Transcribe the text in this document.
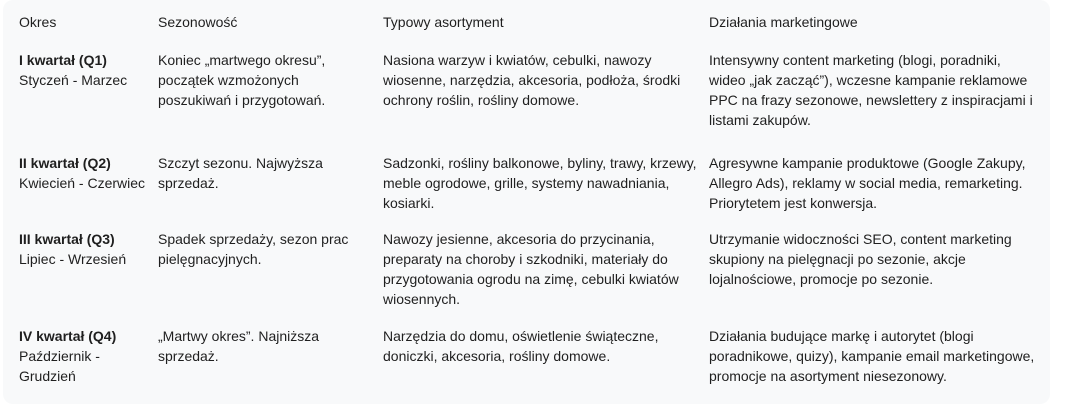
Okres	Sezonowość	Typowy asortyment	Działania marketingowe

I kwartał (Q1)
Styczeń - Marzec	Koniec „martwego okresu”, początek wzmożonych poszukiwań i przygotowań.	Nasiona warzyw i kwiatów, cebulki, nawozy wiosenne, narzędzia, akcesoria, podłoża, środki ochrony roślin, rośliny domowe.	Intensywny content marketing (blogi, poradniki, wideo „jak zacząć”), wczesne kampanie reklamowe PPC na frazy sezonowe, newslettery z inspiracjami i listami zakupów.

II kwartał (Q2)
Kwiecień - Czerwiec	Szczyt sezonu. Najwyższa sprzedaż.	Sadzonki, rośliny balkonowe, byliny, trawy, krzewy, meble ogrodowe, grille, systemy nawadniania, kosiarki.	Agresywne kampanie produktowe (Google Zakupy, Allegro Ads), reklamy w social media, remarketing. Priorytetem jest konwersja.

III kwartał (Q3)
Lipiec - Wrzesień	Spadek sprzedaży, sezon prac pielęgnacyjnych.	Nawozy jesienne, akcesoria do przycinania, preparaty na choroby i szkodniki, materiały do przygotowania ogrodu na zimę, cebulki kwiatów wiosennych.	Utrzymanie widoczności SEO, content marketing skupiony na pielęgnacji po sezonie, akcje lojalnościowe, promocje po sezonie.

IV kwartał (Q4)
Październik - Grudzień	„Martwy okres”. Najniższa sprzedaż.	Narzędzia do domu, oświetlenie świąteczne, doniczki, akcesoria, rośliny domowe.	Działania budujące markę i autorytet (blogi poradnikowe, quizy), kampanie email marketingowe, promocje na asortyment niesezonowy.
